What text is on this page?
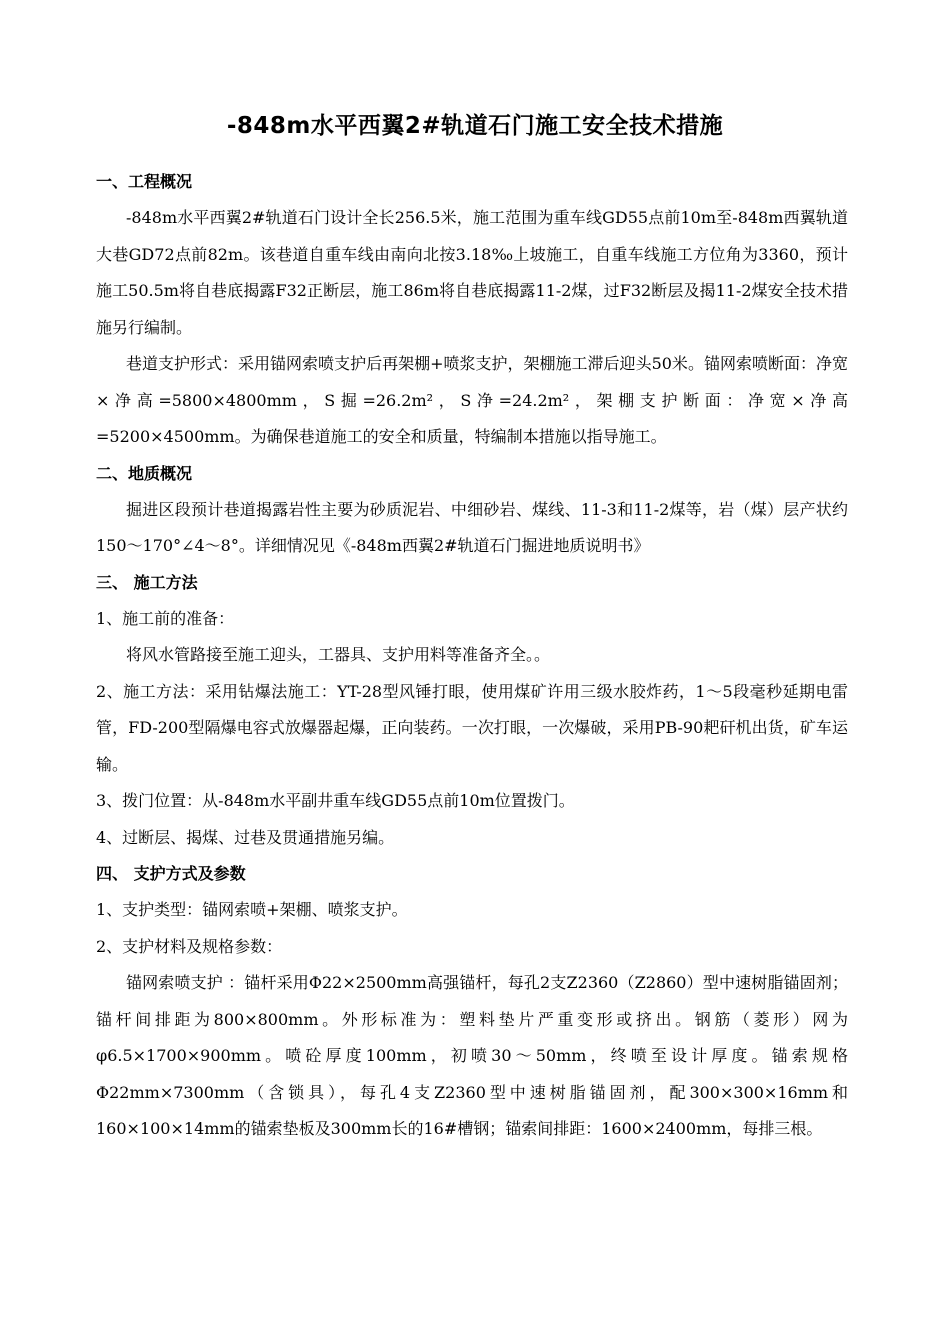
-848m水平西翼2#轨道石门施工安全技术措施

一、工程概况

-848m水平西翼2#轨道石门设计全长256.5米，施工范围为重车线GD55点前10m至-848m西翼轨道大巷GD72点前82m。该巷道自重车线由南向北按3.18‰上坡施工，自重车线施工方位角为3360，预计施工50.5m将自巷底揭露F32正断层，施工86m将自巷底揭露11-2煤，过F32断层及揭11-2煤安全技术措施另行编制。

巷道支护形式：采用锚网索喷支护后再架棚+喷浆支护，架棚施工滞后迎头50米。锚网索喷断面：净宽×净高=5800×4800mm，S掘=26.2m²，S净=24.2m²，架棚支护断面：净宽×净高=5200×4500mm。为确保巷道施工的安全和质量，特编制本措施以指导施工。

二、地质概况

掘进区段预计巷道揭露岩性主要为砂质泥岩、中细砂岩、煤线、11-3和11-2煤等，岩（煤）层产状约150～170°∠4～8°。详细情况见《-848m西翼2#轨道石门掘进地质说明书》

三、 施工方法

1、施工前的准备：

将风水管路接至施工迎头，工器具、支护用料等准备齐全。。

2、施工方法：采用钻爆法施工：YT-28型风锤打眼，使用煤矿许用三级水胶炸药，1～5段毫秒延期电雷管，FD-200型隔爆电容式放爆器起爆，正向装药。一次打眼，一次爆破，采用PB-90耙矸机出货，矿车运输。

3、拨门位置：从-848m水平副井重车线GD55点前10m位置拨门。

4、过断层、揭煤、过巷及贯通措施另编。

四、 支护方式及参数

1、支护类型：锚网索喷+架棚、喷浆支护。

2、支护材料及规格参数：

锚网索喷支护 ：锚杆采用Φ22×2500mm高强锚杆，每孔2支Z2360（Z2860）型中速树脂锚固剂；锚杆间排距为800×800mm。外形标准为：塑料垫片严重变形或挤出。钢筋（菱形）网为φ6.5×1700×900mm。喷砼厚度100mm，初喷30～50mm，终喷至设计厚度。锚索规格Φ22mm×7300mm（含锁具），每孔4支Z2360型中速树脂锚固剂，配300×300×16mm和160×100×14mm的锚索垫板及300mm长的16#槽钢；锚索间排距：1600×2400mm，每排三根。
